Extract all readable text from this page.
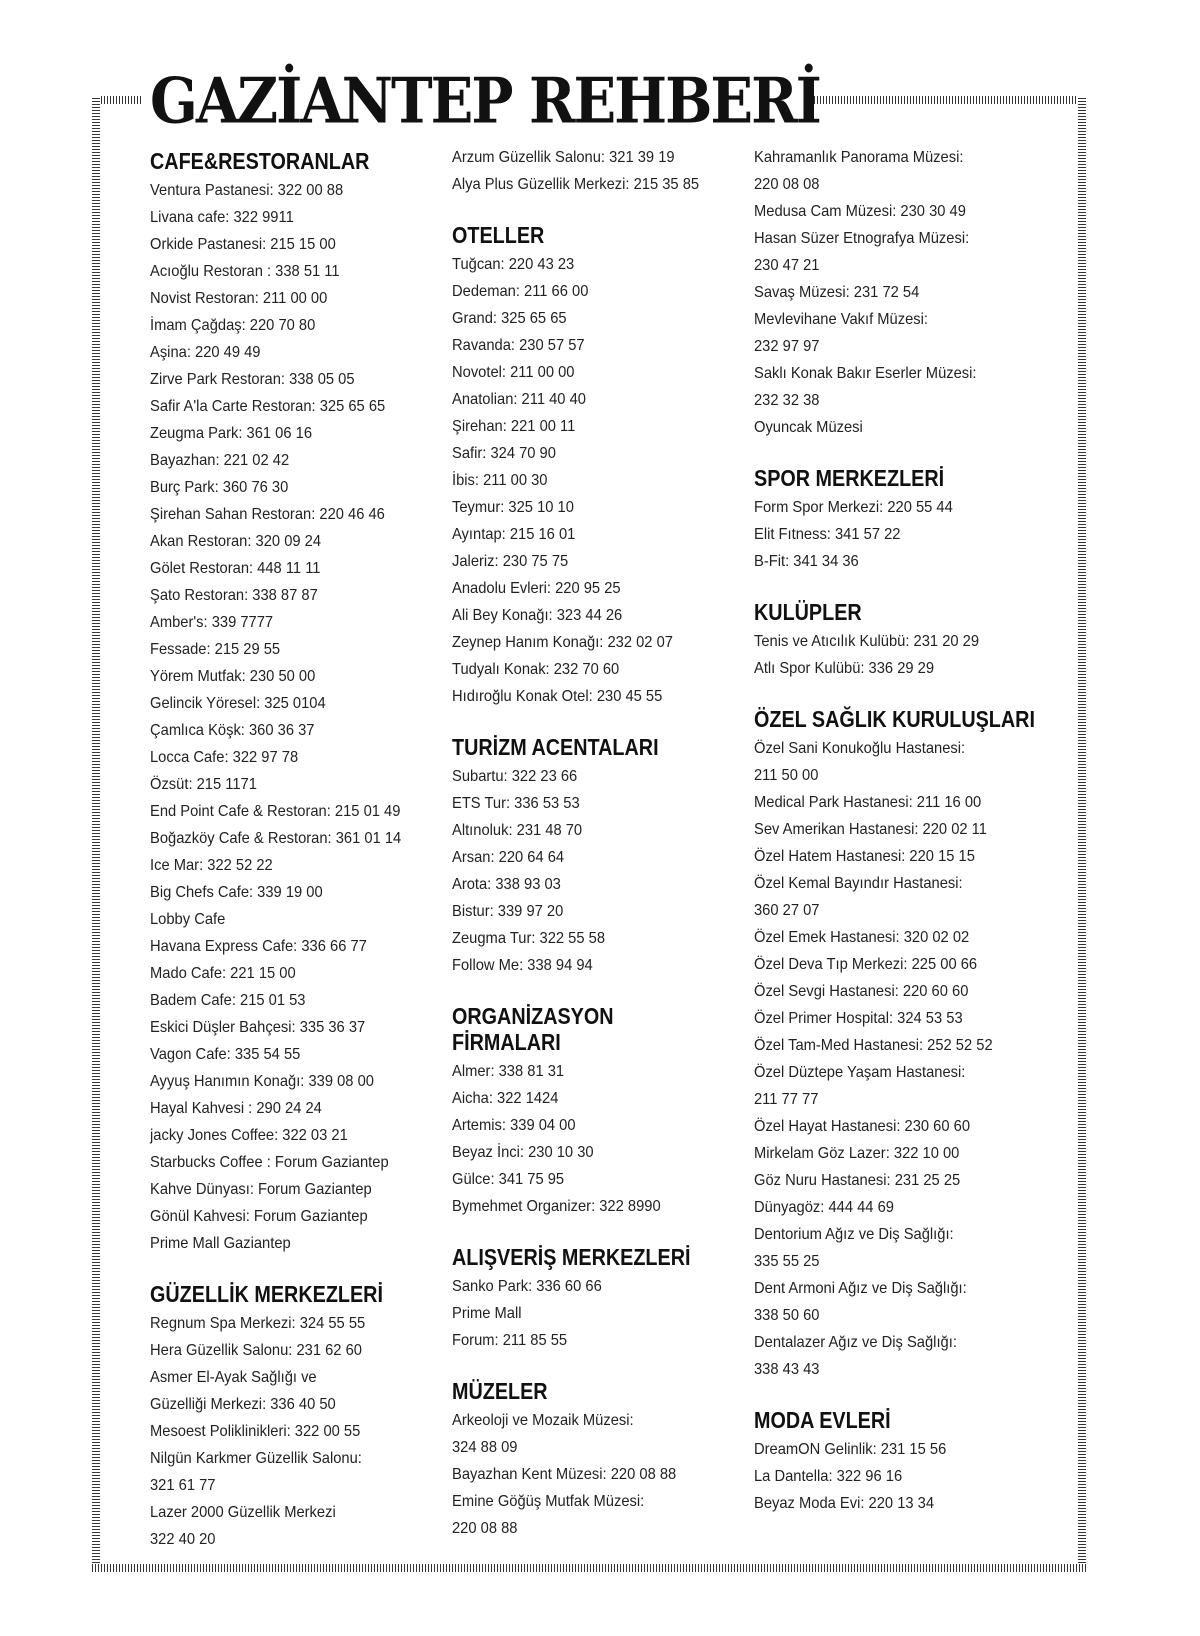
GAZİANTEP REHBERİ
CAFE&RESTORANLAR
Ventura Pastanesi: 322 00 88
Livana cafe: 322 9911
Orkide Pastanesi: 215 15 00
Acıoğlu Restoran : 338 51 11
Novist Restoran: 211 00 00
İmam Çağdaş: 220 70 80
Aşina: 220 49 49
Zirve Park Restoran: 338 05 05
Safir A'la Carte Restoran: 325 65 65
Zeugma Park: 361 06 16
Bayazhan: 221 02 42
Burç Park: 360 76 30
Şirehan Sahan Restoran: 220 46 46
Akan Restoran: 320 09 24
Gölet Restoran: 448 11 11
Şato Restoran: 338 87 87
Amber's: 339 7777
Fessade: 215 29 55
Yörem Mutfak: 230 50 00
Gelincik Yöresel: 325 0104
Çamlıca Köşk: 360 36 37
Locca Cafe: 322 97 78
Özsüt: 215 1171
End Point Cafe & Restoran: 215 01 49
Boğazköy Cafe & Restoran: 361 01 14
Ice Mar: 322 52 22
Big Chefs Cafe: 339 19 00
Lobby Cafe
Havana Express Cafe: 336 66 77
Mado Cafe: 221 15 00
Badem Cafe: 215 01 53
Eskici Düşler Bahçesi: 335 36 37
Vagon Cafe: 335 54 55
Ayyuş Hanımın Konağı: 339 08 00
Hayal Kahvesi : 290 24 24
jacky Jones Coffee: 322 03 21
Starbucks Coffee : Forum Gaziantep
Kahve Dünyası: Forum Gaziantep
Gönül Kahvesi: Forum Gaziantep
Prime Mall Gaziantep
GÜZELLİK MERKEZLERİ
Regnum Spa Merkezi: 324 55 55
Hera Güzellik Salonu: 231 62 60
Asmer El-Ayak Sağlığı ve
Güzelliği Merkezi: 336 40 50
Mesoest Poliklinikleri: 322 00 55
Nilgün Karkmer Güzellik Salonu:
321 61 77
Lazer 2000 Güzellik Merkezi
322 40 20
Arzum Güzellik Salonu: 321 39 19
Alya Plus Güzellik Merkezi: 215 35 85
OTELLER
Tuğcan: 220 43 23
Dedeman: 211 66 00
Grand: 325 65 65
Ravanda: 230 57 57
Novotel: 211 00 00
Anatolian: 211 40 40
Şirehan: 221 00 11
Safir: 324 70 90
İbis: 211 00 30
Teymur: 325 10 10
Ayıntap: 215 16 01
Jaleriz: 230 75 75
Anadolu Evleri: 220 95 25
Ali Bey Konağı: 323 44 26
Zeynep Hanım Konağı: 232 02 07
Tudyalı Konak: 232 70 60
Hıdıroğlu Konak Otel: 230 45 55
TURİZM ACENTALARI
Subartu: 322 23 66
ETS Tur: 336 53 53
Altınoluk: 231 48 70
Arsan: 220 64 64
Arota: 338 93 03
Bistur: 339 97 20
Zeugma Tur: 322 55 58
Follow Me: 338 94 94
ORGANİZASYON FİRMALARI
Almer: 338 81 31
Aicha: 322 1424
Artemis: 339 04 00
Beyaz İnci: 230 10 30
Gülce: 341 75 95
Bymehmet Organizer: 322 8990
ALIŞVERİŞ MERKEZLERİ
Sanko Park: 336 60 66
Prime Mall
Forum: 211 85 55
MÜZELER
Arkeoloji ve Mozaik Müzesi:
324 88 09
Bayazhan Kent Müzesi: 220 08 88
Emine Göğüş Mutfak Müzesi:
220 08 88
Kahramanlık Panorama Müzesi:
220 08 08
Medusa Cam Müzesi: 230 30 49
Hasan Süzer Etnografya Müzesi:
230 47 21
Savaş Müzesi: 231 72 54
Mevlevihane Vakıf Müzesi:
232 97 97
Saklı Konak Bakır Eserler Müzesi:
232 32 38
Oyuncak Müzesi
SPOR MERKEZLERİ
Form Spor Merkezi: 220 55 44
Elit Fıtness: 341 57 22
B-Fit: 341 34 36
KULÜPLER
Tenis ve Atıcılık Kulübü: 231 20 29
Atlı Spor Kulübü: 336 29 29
ÖZEL SAĞLIK KURULUŞLARI
Özel Sani Konukoğlu Hastanesi:
211 50 00
Medical Park Hastanesi: 211 16 00
Sev Amerikan Hastanesi: 220 02 11
Özel Hatem Hastanesi: 220 15 15
Özel Kemal Bayındır Hastanesi:
360 27 07
Özel Emek Hastanesi: 320 02 02
Özel Deva Tıp Merkezi: 225 00 66
Özel Sevgi Hastanesi: 220 60 60
Özel Primer Hospital: 324 53 53
Özel Tam-Med Hastanesi: 252 52 52
Özel Düztepe Yaşam Hastanesi:
211 77 77
Özel Hayat Hastanesi: 230 60 60
Mirkelam Göz Lazer: 322 10 00
Göz Nuru Hastanesi: 231 25 25
Dünyagöz: 444 44 69
Dentorium Ağız ve Diş Sağlığı:
335 55 25
Dent Armoni Ağız ve Diş Sağlığı:
338 50 60
Dentalazer Ağız ve Diş Sağlığı:
338 43 43
MODA EVLERİ
DreamON Gelinlik: 231 15 56
La Dantella: 322 96 16
Beyaz Moda Evi: 220 13 34
